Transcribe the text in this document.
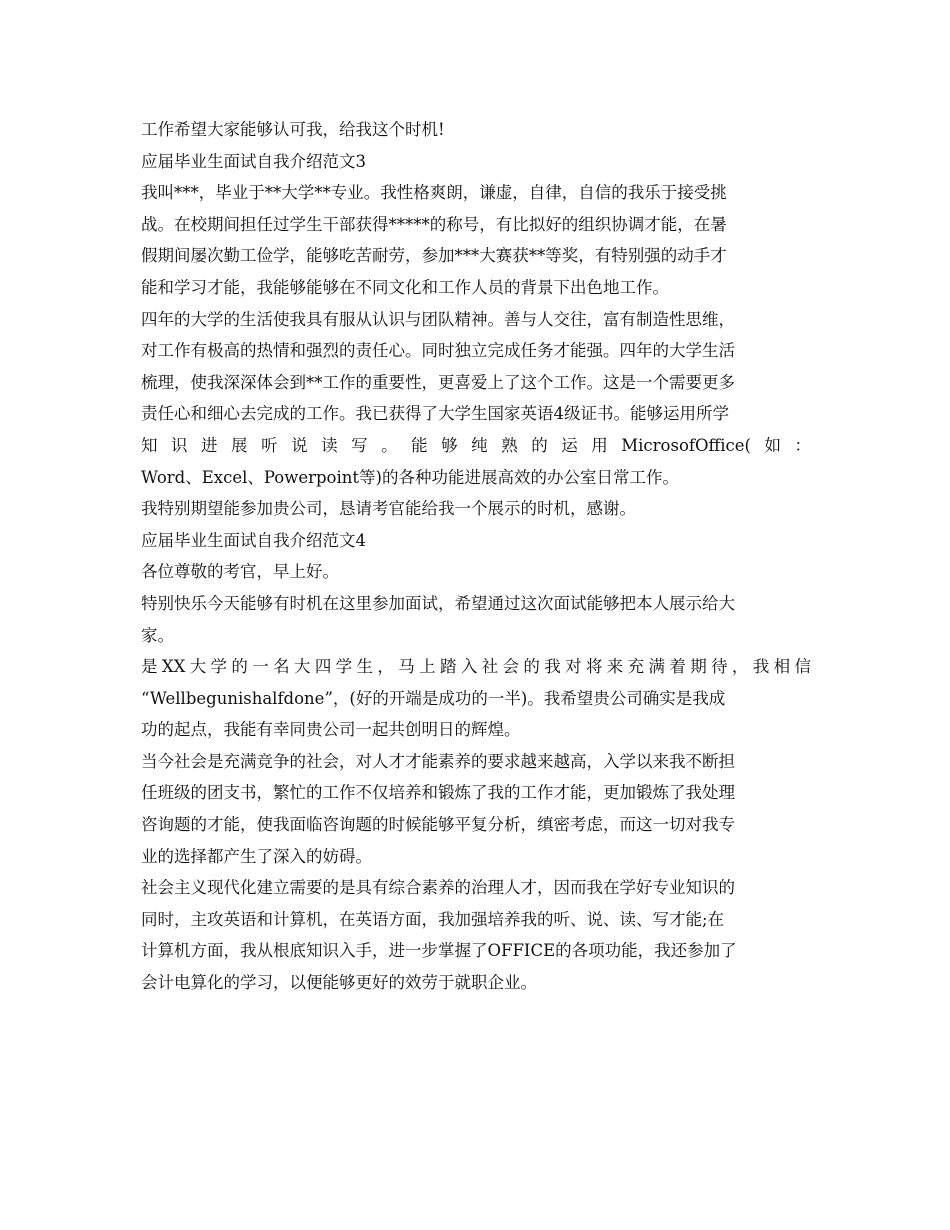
工作希望大家能够认可我，给我这个时机!
应届毕业生面试自我介绍范文3
我叫***，毕业于**大学**专业。我性格爽朗，谦虚，自律，自信的我乐于接受挑
战。在校期间担任过学生干部获得*****的称号，有比拟好的组织协调才能，在暑
假期间屡次勤工俭学，能够吃苦耐劳，参加***大赛获**等奖，有特别强的动手才
能和学习才能，我能够能够在不同文化和工作人员的背景下出色地工作。
四年的大学的生活使我具有服从认识与团队精神。善与人交往，富有制造性思维，
对工作有极高的热情和强烈的责任心。同时独立完成任务才能强。四年的大学生活
梳理，使我深深体会到**工作的重要性，更喜爱上了这个工作。这是一个需要更多
责任心和细心去完成的工作。我已获得了大学生国家英语4级证书。能够运用所学
知 识 进 展 听 说 读 写 。 能 够 纯 熟 的 运 用 MicrosofOffice( 如 ：
Word、Excel、Powerpoint等)的各种功能进展高效的办公室日常工作。
我特别期望能参加贵公司，恳请考官能给我一个展示的时机，感谢。
应届毕业生面试自我介绍范文4
各位尊敬的考官，早上好。
特别快乐今天能够有时机在这里参加面试，希望通过这次面试能够把本人展示给大
家。
是XX大学的一名大四学生，马上踏入社会的我对将来充满着期待，我相信
“Wellbegunishalfdone”，(好的开端是成功的一半)。我希望贵公司确实是我成
功的起点，我能有幸同贵公司一起共创明日的辉煌。
当今社会是充满竞争的社会，对人才才能素养的要求越来越高，入学以来我不断担
任班级的团支书，繁忙的工作不仅培养和锻炼了我的工作才能，更加锻炼了我处理
咨询题的才能，使我面临咨询题的时候能够平复分析，缜密考虑，而这一切对我专
业的选择都产生了深入的妨碍。
社会主义现代化建立需要的是具有综合素养的治理人才，因而我在学好专业知识的
同时，主攻英语和计算机，在英语方面，我加强培养我的听、说、读、写才能;在
计算机方面，我从根底知识入手，进一步掌握了OFFICE的各项功能，我还参加了
会计电算化的学习，以便能够更好的效劳于就职企业。
